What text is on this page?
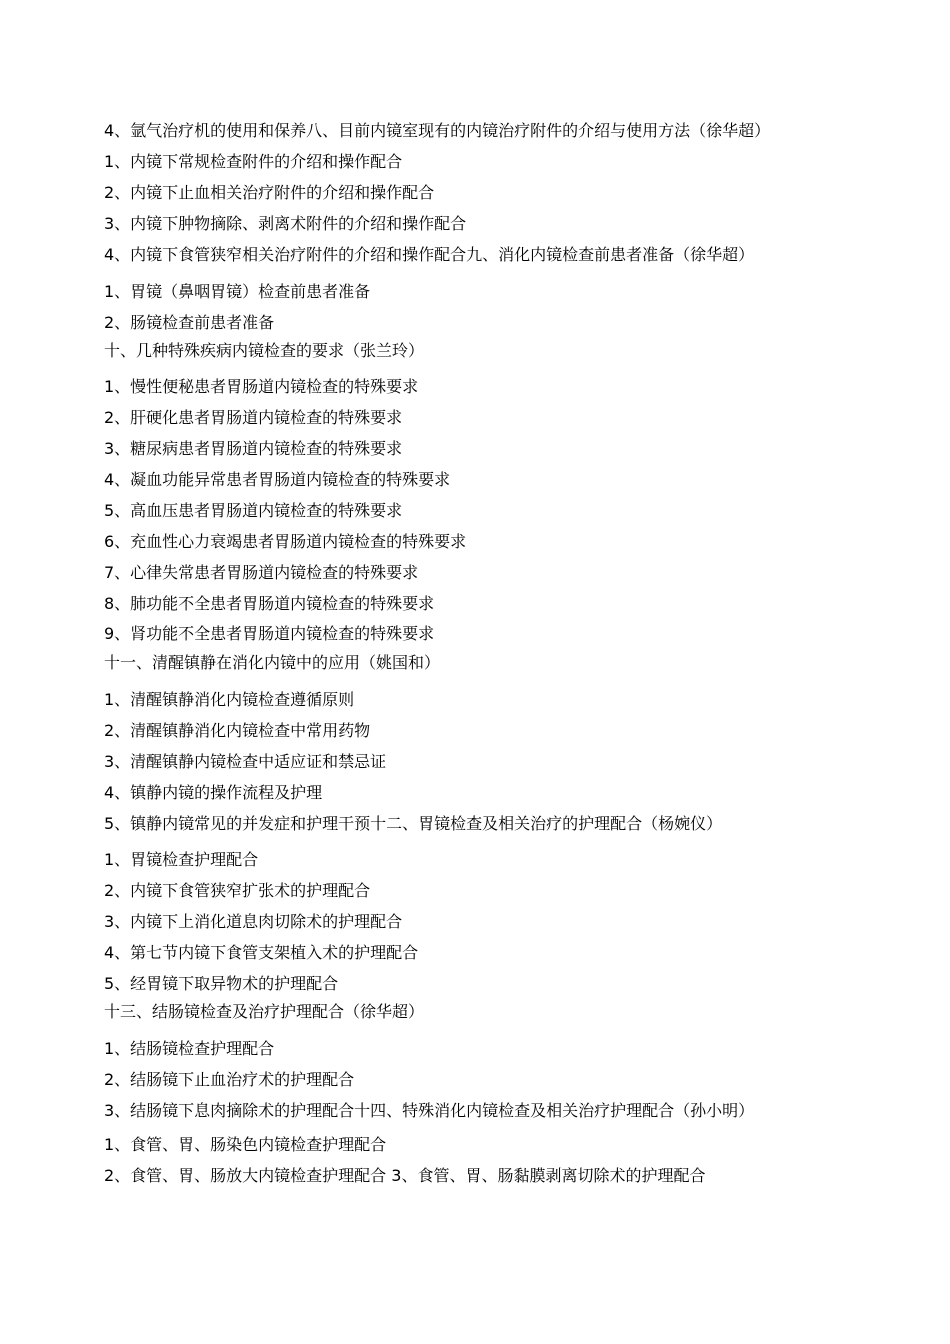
4、氩气治疗机的使用和保养八、目前内镜室现有的内镜治疗附件的介绍与使用方法（徐华超）
1、内镜下常规检查附件的介绍和操作配合
2、内镜下止血相关治疗附件的介绍和操作配合
3、内镜下肿物摘除、剥离术附件的介绍和操作配合
4、内镜下食管狭窄相关治疗附件的介绍和操作配合九、消化内镜检查前患者准备（徐华超）
1、胃镜（鼻咽胃镜）检查前患者准备
2、肠镜检查前患者准备
十、几种特殊疾病内镜检查的要求（张兰玲）
1、慢性便秘患者胃肠道内镜检查的特殊要求
2、肝硬化患者胃肠道内镜检查的特殊要求
3、糖尿病患者胃肠道内镜检查的特殊要求
4、凝血功能异常患者胃肠道内镜检查的特殊要求
5、高血压患者胃肠道内镜检查的特殊要求
6、充血性心力衰竭患者胃肠道内镜检查的特殊要求
7、心律失常患者胃肠道内镜检查的特殊要求
8、肺功能不全患者胃肠道内镜检查的特殊要求
9、肾功能不全患者胃肠道内镜检查的特殊要求
十一、清醒镇静在消化内镜中的应用（姚国和）
1、清醒镇静消化内镜检查遵循原则
2、清醒镇静消化内镜检查中常用药物
3、清醒镇静内镜检查中适应证和禁忌证
4、镇静内镜的操作流程及护理
5、镇静内镜常见的并发症和护理干预十二、胃镜检查及相关治疗的护理配合（杨婉仪）
1、胃镜检查护理配合
2、内镜下食管狭窄扩张术的护理配合
3、内镜下上消化道息肉切除术的护理配合
4、第七节内镜下食管支架植入术的护理配合
5、经胃镜下取异物术的护理配合
十三、结肠镜检查及治疗护理配合（徐华超）
1、结肠镜检查护理配合
2、结肠镜下止血治疗术的护理配合
3、结肠镜下息肉摘除术的护理配合十四、特殊消化内镜检查及相关治疗护理配合（孙小明）
1、食管、胃、肠染色内镜检查护理配合
2、食管、胃、肠放大内镜检查护理配合 3、食管、胃、肠黏膜剥离切除术的护理配合
